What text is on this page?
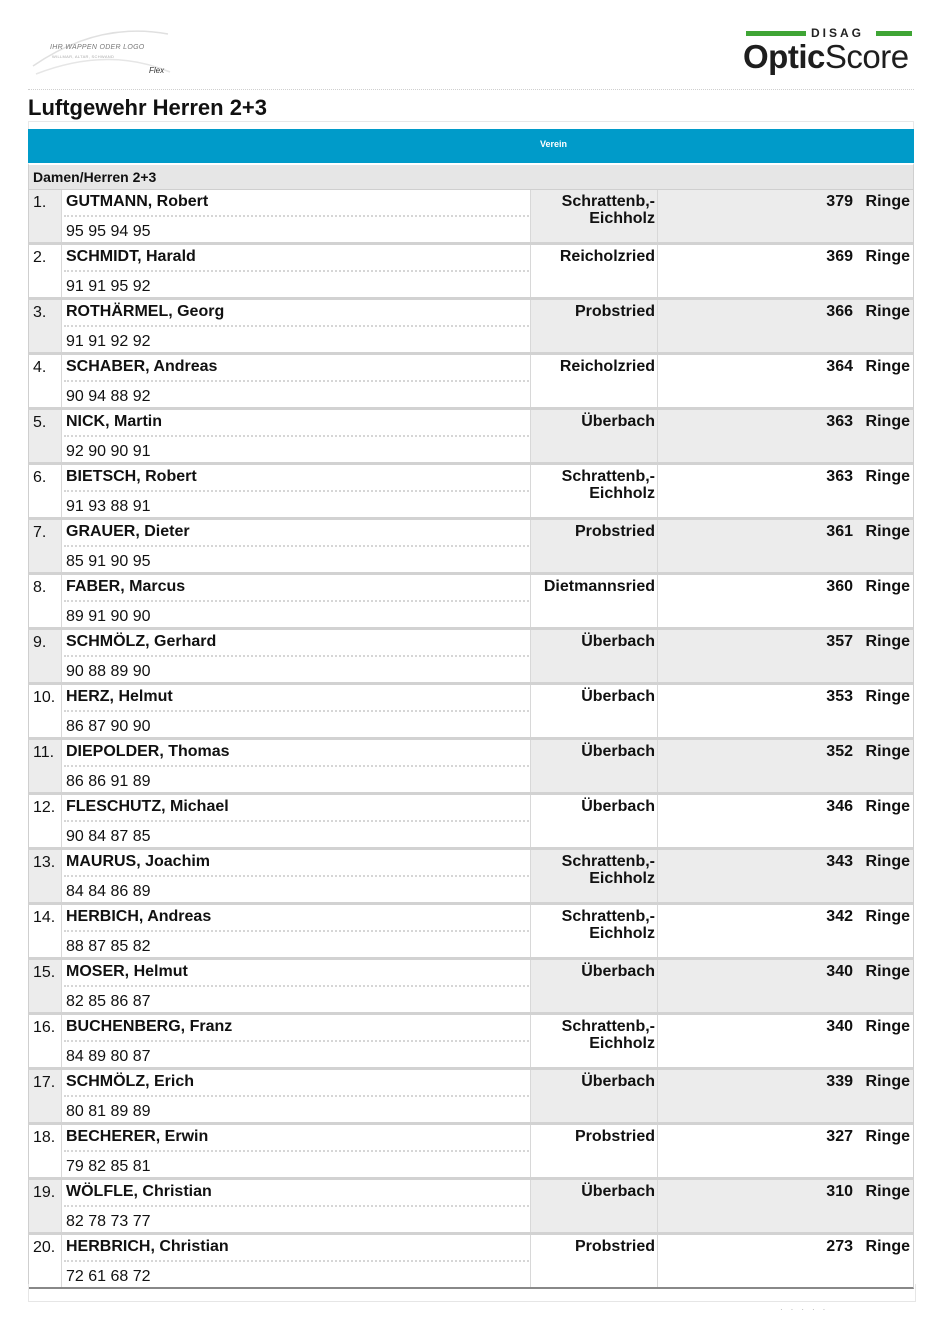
IHR WAPPEN ODER LOGO
WILLMAR, ALTAR, SCHWAND
Flex
DISAG
OpticScore
Luftgewehr Herren 2+3
Verein
Damen/Herren 2+3
1. GUTMANN, Robert
95 95 94 95
Schrattenb,-
Eichholz
379 Ringe
2. SCHMIDT, Harald
91 91 95 92
Reicholzried	369 Ringe
3. ROTHÄRMEL, Georg
91 91 92 92
Probstried	366 Ringe
4. SCHABER, Andreas
90 94 88 92
Reicholzried	364 Ringe
5. NICK, Martin
92 90 90 91
Überbach	363 Ringe
6. BIETSCH, Robert
91 93 88 91
Schrattenb,-
Eichholz
363 Ringe
7. GRAUER, Dieter
85 91 90 95
Probstried	361 Ringe
8. FABER, Marcus
89 91 90 90
Dietmannsried	360 Ringe
9. SCHMÖLZ, Gerhard
90 88 89 90
Überbach	357 Ringe
10. HERZ, Helmut
86 87 90 90
Überbach	353 Ringe
11. DIEPOLDER, Thomas
86 86 91 89
Überbach	352 Ringe
12. FLESCHUTZ, Michael
90 84 87 85
Überbach	346 Ringe
13. MAURUS, Joachim
84 84 86 89
Schrattenb,-
Eichholz
343 Ringe
14. HERBICH, Andreas
88 87 85 82
Schrattenb,-
Eichholz
342 Ringe
15. MOSER, Helmut
82 85 86 87
Überbach	340 Ringe
16. BUCHENBERG, Franz
84 89 80 87
Schrattenb,-
Eichholz
340 Ringe
17. SCHMÖLZ, Erich
80 81 89 89
Überbach	339 Ringe
18. BECHERER, Erwin
79 82 85 81
Probstried	327 Ringe
19. WÖLFLE, Christian
82 78 73 77
Überbach	310 Ringe
20. HERBRICH, Christian
72 61 68 72
Probstried	273 Ringe
·····
